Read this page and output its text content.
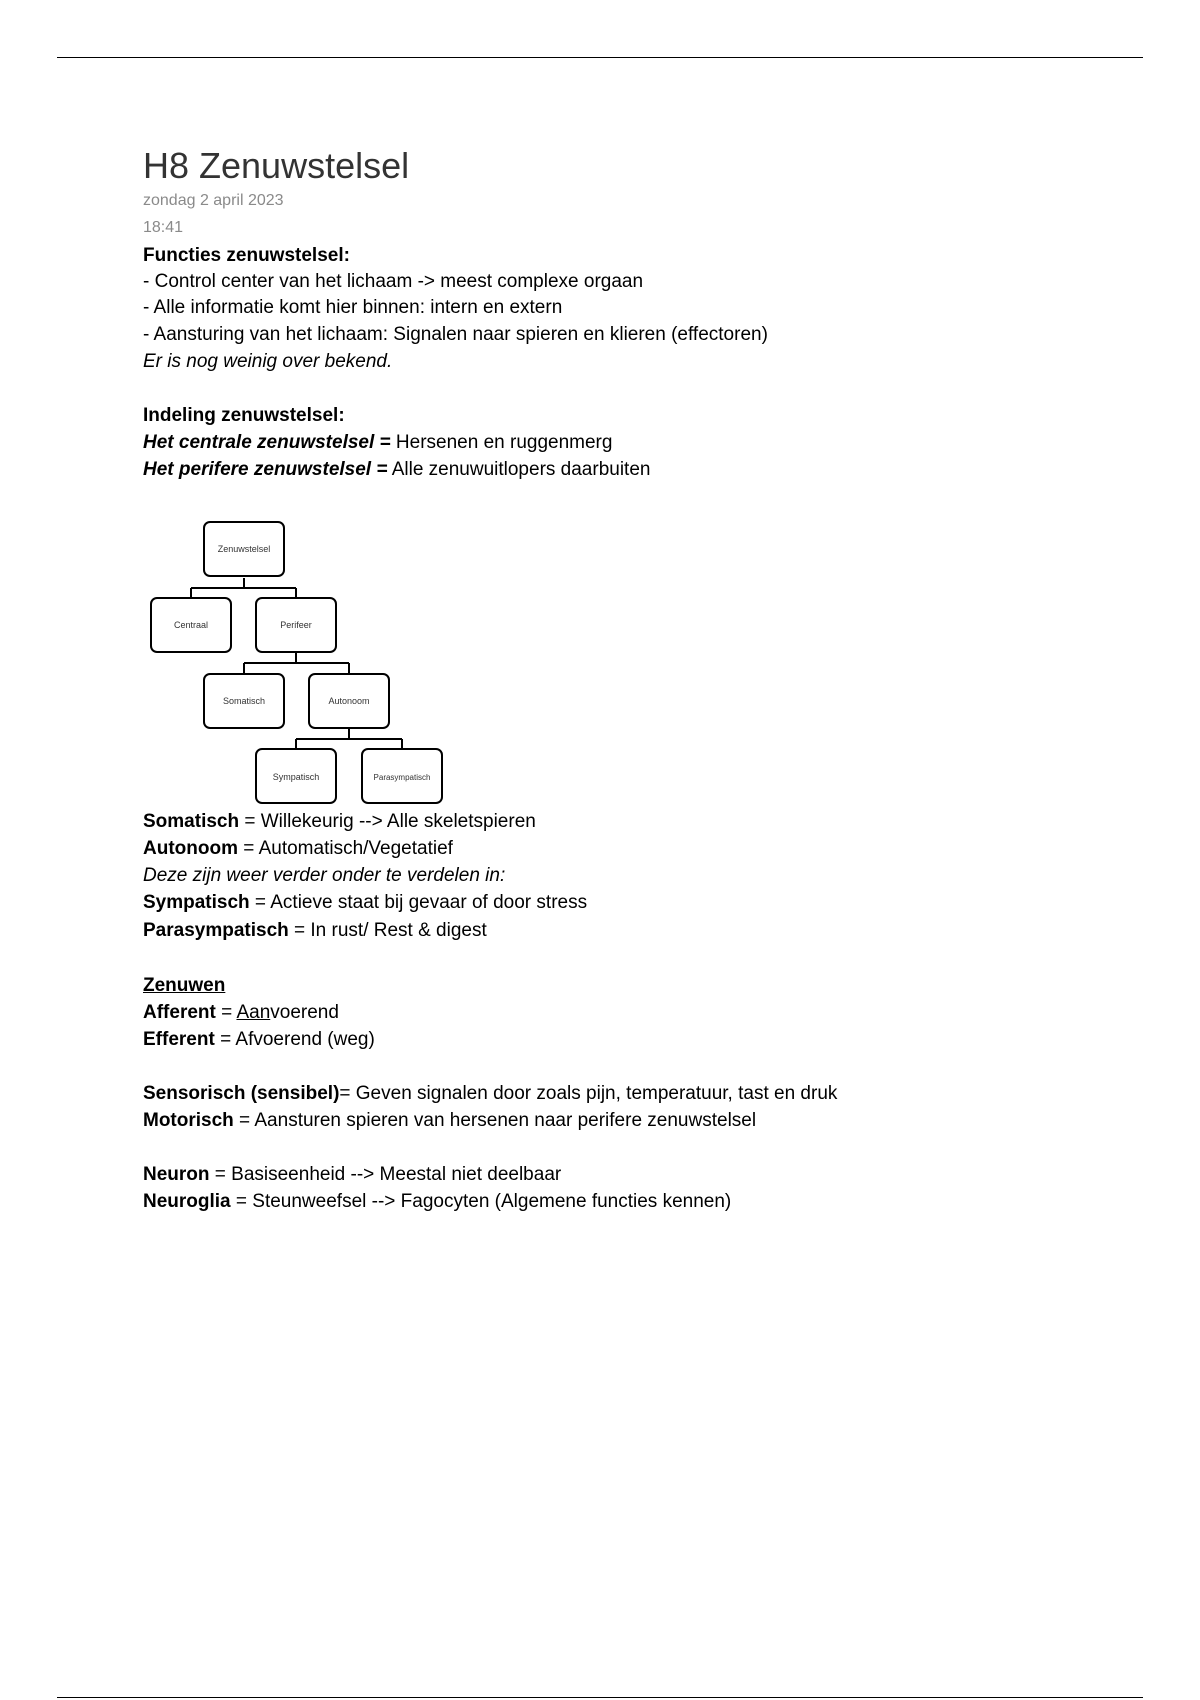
H8 Zenuwstelsel
zondag 2 april 2023
18:41
Functies zenuwstelsel:
- Control center van het lichaam -> meest complexe orgaan
- Alle informatie komt hier binnen: intern en extern
- Aansturing van het lichaam: Signalen naar spieren en klieren (effectoren)
Er is nog weinig over bekend.
Indeling zenuwstelsel:
Het centrale zenuwstelsel = Hersenen en ruggenmerg
Het perifere zenuwstelsel = Alle zenuwuitlopers daarbuiten
Somatisch = Willekeurig --> Alle skeletspieren
Autonoom = Automatisch/Vegetatief
Deze zijn weer verder onder te verdelen in:
Sympatisch = Actieve staat bij gevaar of door stress
Parasympatisch = In rust/ Rest & digest
Zenuwen
Afferent = Aanvoerend
Efferent = Afvoerend (weg)
Sensorisch (sensibel)= Geven signalen door zoals pijn, temperatuur, tast en druk
Motorisch = Aansturen spieren van hersenen naar perifere zenuwstelsel
Neuron = Basiseenheid --> Meestal niet deelbaar
Neuroglia = Steunweefsel --> Fagocyten (Algemene functies kennen)
Zenuwstelsel
Centraal	Perifeer
Somatisch	Autonoom
Sympatisch	Parasympatisch
